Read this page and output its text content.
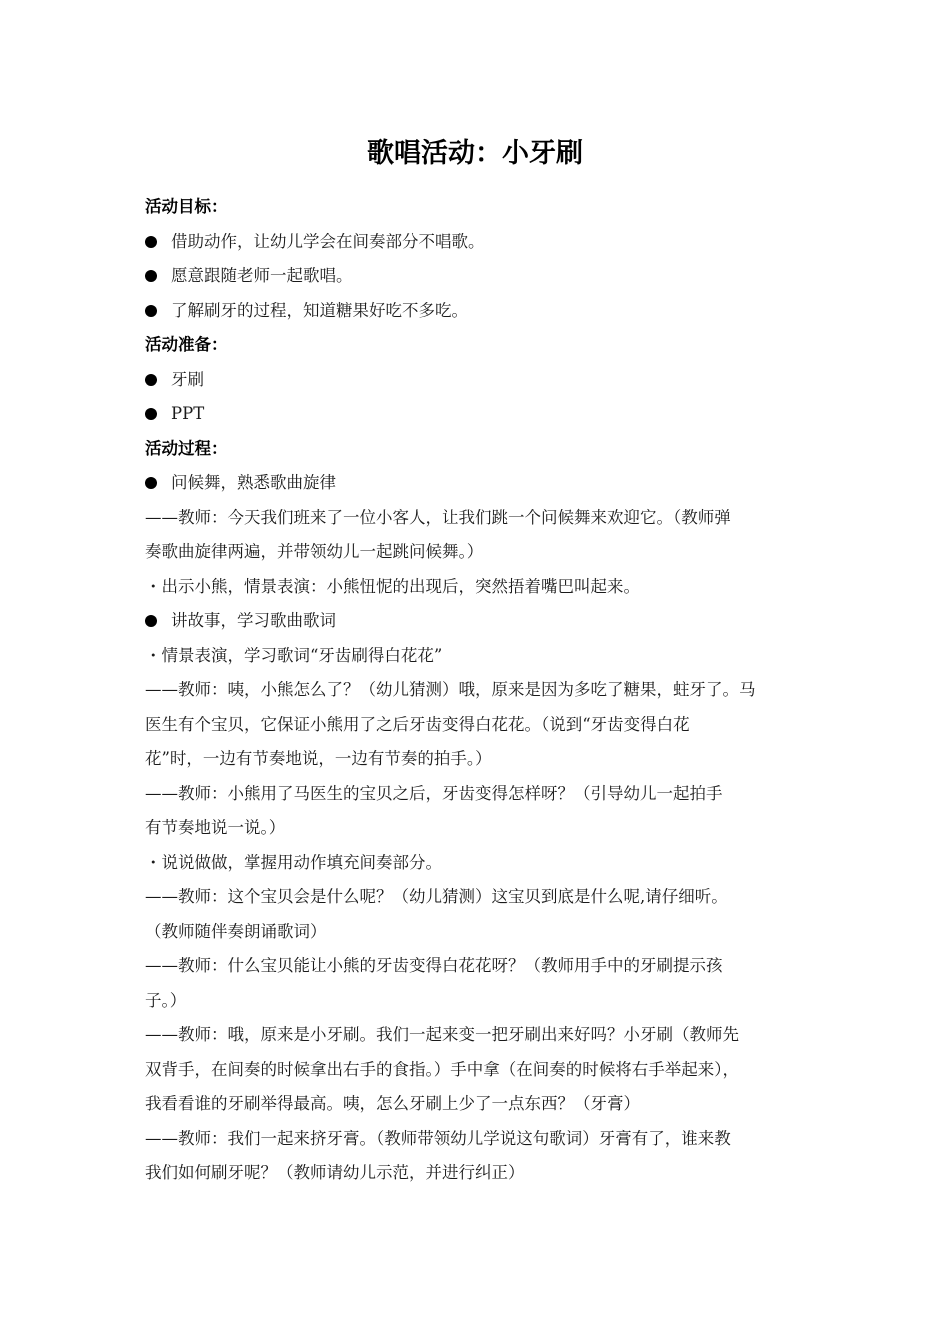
歌唱活动：小牙刷

活动目标：

借助动作，让幼儿学会在间奏部分不唱歌。

愿意跟随老师一起歌唱。

了解刷牙的过程，知道糖果好吃不多吃。

活动准备：

牙刷

PPT

活动过程：

问候舞，熟悉歌曲旋律

——教师：今天我们班来了一位小客人，让我们跳一个问候舞来欢迎它。（教师弹

奏歌曲旋律两遍，并带领幼儿一起跳问候舞。）

・出示小熊，情景表演：小熊忸怩的出现后，突然捂着嘴巴叫起来。

讲故事，学习歌曲歌词

・情景表演，学习歌词“牙齿刷得白花花”

——教师：咦，小熊怎么了？（幼儿猜测）哦，原来是因为多吃了糖果，蛀牙了。马

医生有个宝贝，它保证小熊用了之后牙齿变得白花花。（说到“牙齿变得白花

花”时，一边有节奏地说，一边有节奏的拍手。）

——教师：小熊用了马医生的宝贝之后，牙齿变得怎样呀？（引导幼儿一起拍手

有节奏地说一说。）

・说说做做，掌握用动作填充间奏部分。

——教师：这个宝贝会是什么呢？（幼儿猜测）这宝贝到底是什么呢,请仔细听。

（教师随伴奏朗诵歌词）

——教师：什么宝贝能让小熊的牙齿变得白花花呀？（教师用手中的牙刷提示孩

子。）

——教师：哦，原来是小牙刷。我们一起来变一把牙刷出来好吗？小牙刷（教师先

双背手，在间奏的时候拿出右手的食指。）手中拿（在间奏的时候将右手举起来），

我看看谁的牙刷举得最高。咦，怎么牙刷上少了一点东西？（牙膏）

——教师：我们一起来挤牙膏。（教师带领幼儿学说这句歌词）牙膏有了，谁来教

我们如何刷牙呢？（教师请幼儿示范，并进行纠正）
